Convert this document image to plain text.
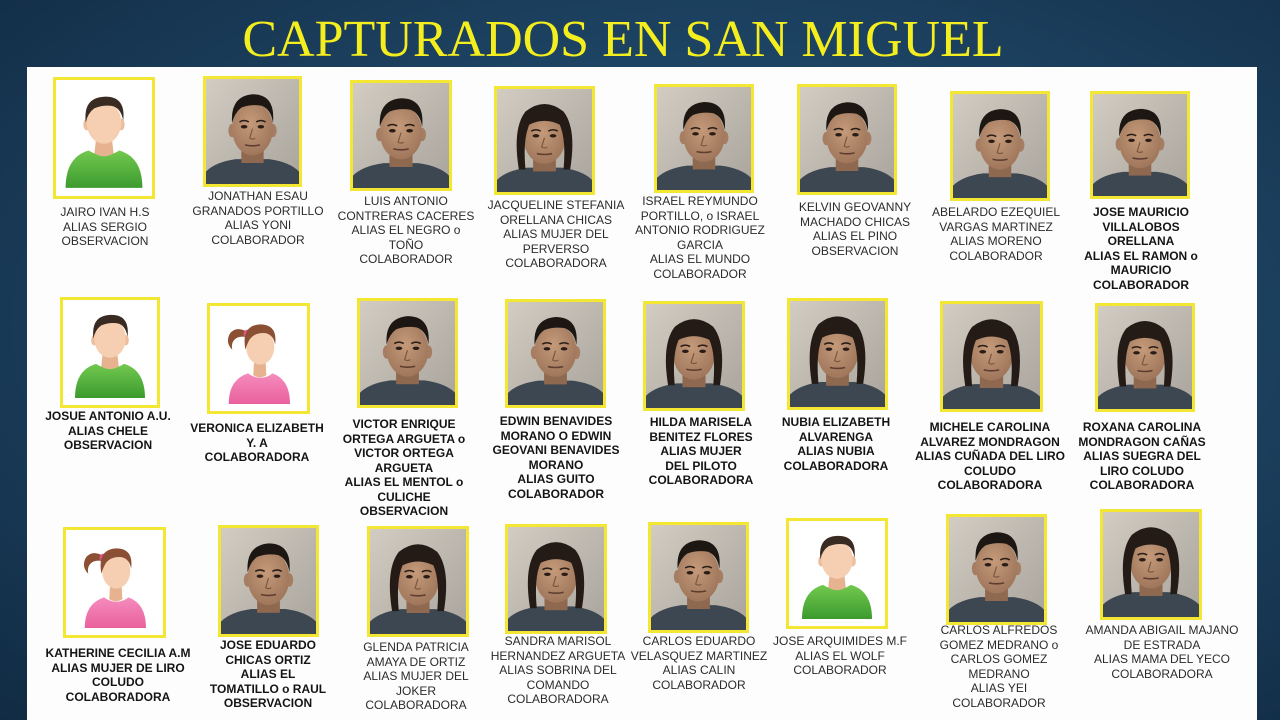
CAPTURADOS EN SAN MIGUEL
JAIRO IVAN H.S
ALIAS SERGIO
OBSERVACION
JONATHAN ESAU
GRANADOS PORTILLO
ALIAS YONI
COLABORADOR
LUIS ANTONIO
CONTRERAS CACERES
ALIAS EL NEGRO o
TOÑO
COLABORADOR
JACQUELINE STEFANIA
ORELLANA CHICAS
ALIAS MUJER DEL
PERVERSO
COLABORADORA
ISRAEL REYMUNDO
PORTILLO, o ISRAEL
ANTONIO RODRIGUEZ
GARCIA
ALIAS EL MUNDO
COLABORADOR
KELVIN GEOVANNY
MACHADO CHICAS
ALIAS EL PINO
OBSERVACION
ABELARDO EZEQUIEL
VARGAS MARTINEZ
ALIAS MORENO
COLABORADOR
JOSE MAURICIO
VILLALOBOS
ORELLANA
ALIAS EL RAMON o
MAURICIO
COLABORADOR
JOSUE ANTONIO A.U.
ALIAS CHELE
OBSERVACION
VERONICA ELIZABETH
Y. A
COLABORADORA
VICTOR ENRIQUE
ORTEGA ARGUETA o
VICTOR ORTEGA
ARGUETA
ALIAS EL MENTOL o
CULICHE
OBSERVACION
EDWIN BENAVIDES
MORANO O EDWIN
GEOVANI BENAVIDES
MORANO
ALIAS GUITO
COLABORADOR
HILDA MARISELA
BENITEZ FLORES
ALIAS MUJER
DEL PILOTO
COLABORADORA
NUBIA ELIZABETH
ALVARENGA
ALIAS NUBIA
COLABORADORA
MICHELE CAROLINA
ALVAREZ MONDRAGON
ALIAS CUÑADA DEL LIRO
COLUDO
COLABORADORA
ROXANA CAROLINA
MONDRAGON CAÑAS
ALIAS SUEGRA DEL
LIRO COLUDO
COLABORADORA
KATHERINE CECILIA A.M
ALIAS MUJER DE LIRO
COLUDO
COLABORADORA
JOSE EDUARDO
CHICAS ORTIZ
ALIAS EL
TOMATILLO o RAUL
OBSERVACION
GLENDA PATRICIA
AMAYA DE ORTIZ
ALIAS MUJER DEL
JOKER
COLABORADORA
SANDRA MARISOL
HERNANDEZ ARGUETA
ALIAS SOBRINA DEL
COMANDO
COLABORADORA
CARLOS EDUARDO
VELASQUEZ MARTINEZ
ALIAS CALIN
COLABORADOR
JOSE ARQUIMIDES M.F
ALIAS EL WOLF
COLABORADOR
CARLOS ALFREDOS
GOMEZ MEDRANO o
CARLOS GOMEZ
MEDRANO
ALIAS YEI
COLABORADOR
AMANDA ABIGAIL MAJANO
DE ESTRADA
ALIAS MAMA DEL YECO
COLABORADORA
